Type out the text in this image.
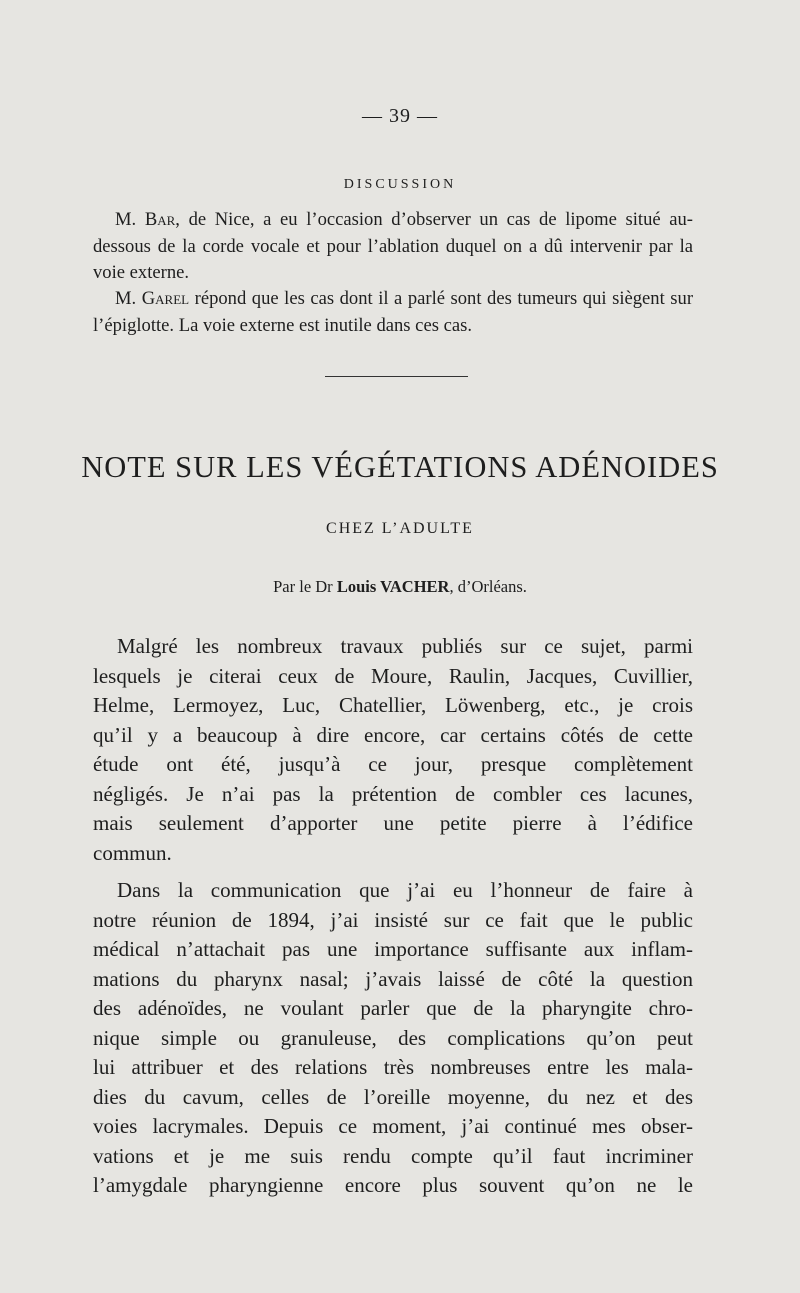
— 39 —
DISCUSSION

M. Bar, de Nice, a eu l’occasion d’observer un cas de lipome situé au-dessous de la corde vocale et pour l’ablation duquel on a dû intervenir par la voie externe.

M. Garel répond que les cas dont il a parlé sont des tumeurs qui siègent sur l’épiglotte. La voie externe est inutile dans ces cas.

NOTE SUR LES VÉGÉTATIONS ADÉNOIDES
CHEZ L’ADULTE
Par le Dr Louis VACHER, d’Orléans.
Malgré les nombreux travaux publiés sur ce sujet, parmi
lesquels je citerai ceux de Moure, Raulin, Jacques, Cuvillier,
Helme, Lermoyez, Luc, Chatellier, Löwenberg, etc., je crois
qu’il y a beaucoup à dire encore, car certains côtés de cette
étude ont été, jusqu’à ce jour, presque complètement
négligés. Je n’ai pas la prétention de combler ces lacunes,
mais seulement d’apporter une petite pierre à l’édifice
commun.
Dans la communication que j’ai eu l’honneur de faire à
notre réunion de 1894, j’ai insisté sur ce fait que le public
médical n’attachait pas une importance suffisante aux inflam-
mations du pharynx nasal; j’avais laissé de côté la question
des adénoïdes, ne voulant parler que de la pharyngite chro-
nique simple ou granuleuse, des complications qu’on peut
lui attribuer et des relations très nombreuses entre les mala-
dies du cavum, celles de l’oreille moyenne, du nez et des
voies lacrymales. Depuis ce moment, j’ai continué mes obser-
vations et je me suis rendu compte qu’il faut incriminer
l’amygdale pharyngienne encore plus souvent qu’on ne le
